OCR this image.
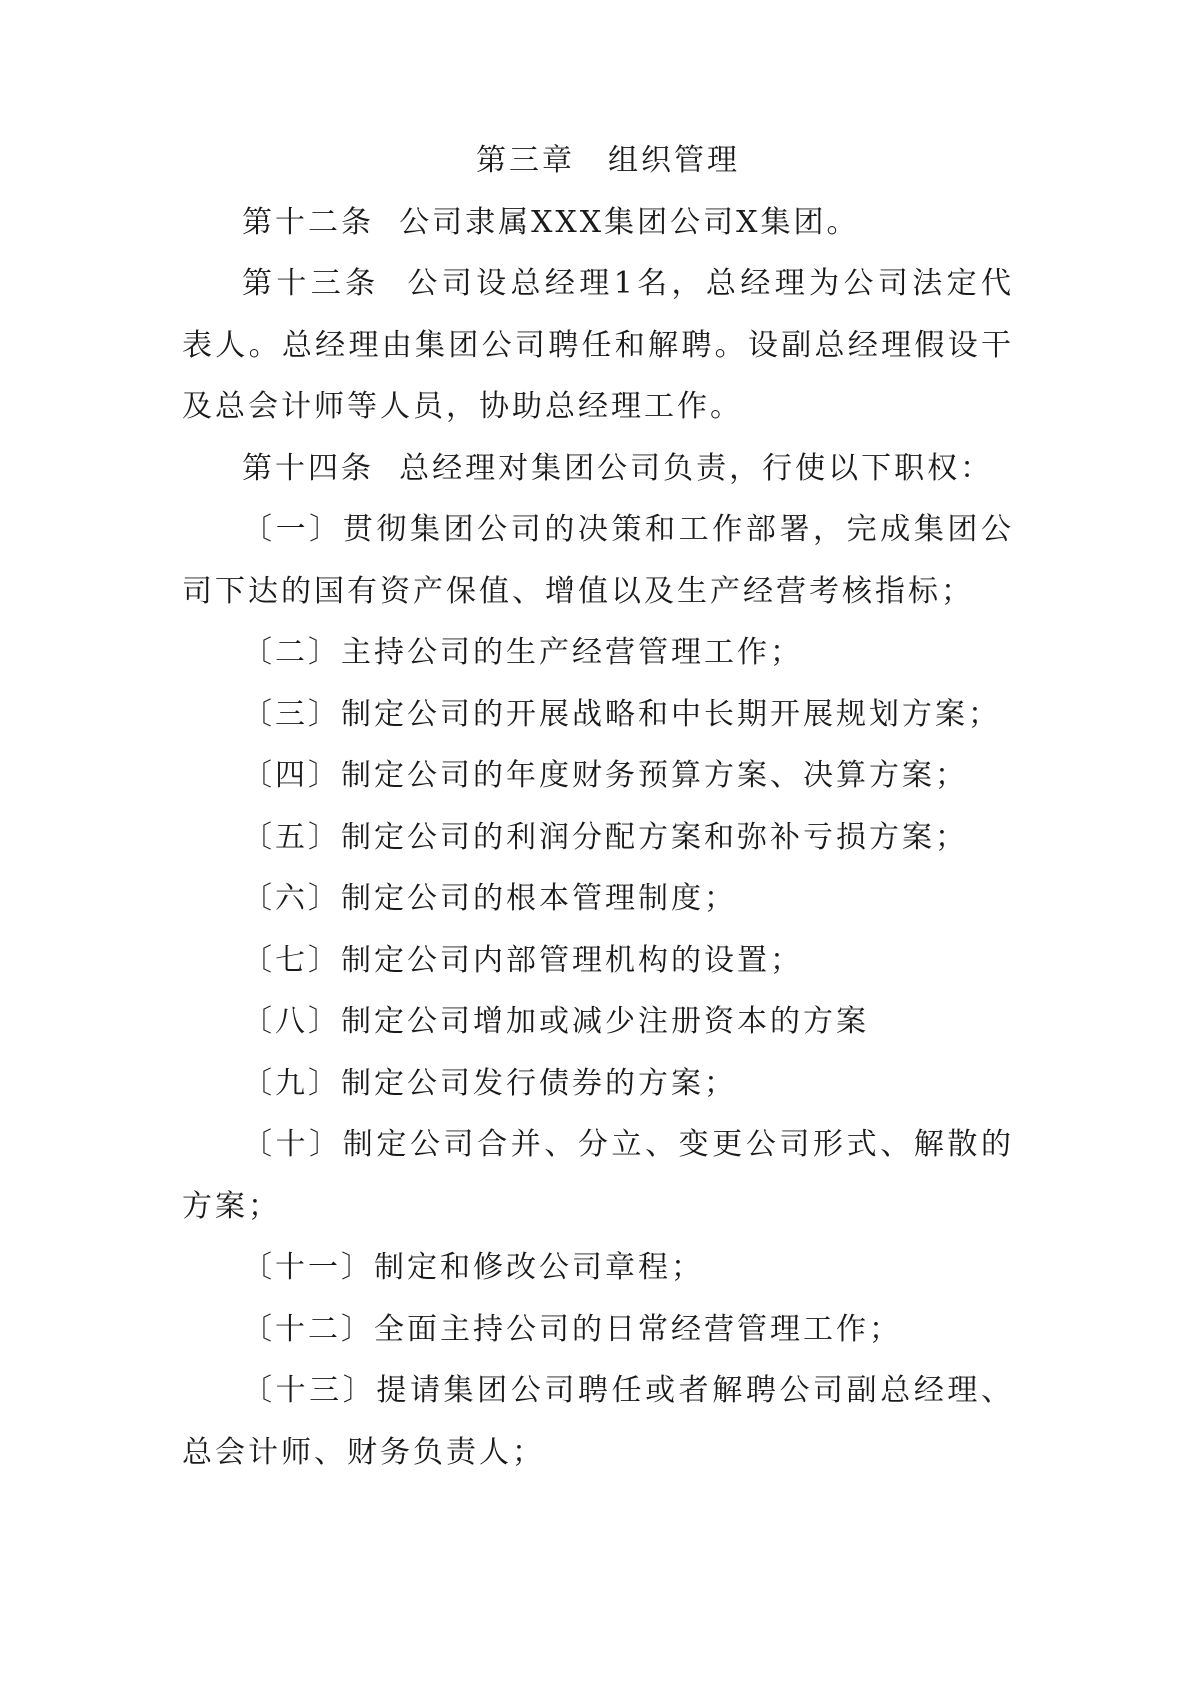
第三章　组织管理

第十二条 公司隶属XXX集团公司X集团。

第十三条 公司设总经理1名，总经理为公司法定代表人。总经理由集团公司聘任和解聘。设副总经理假设干及总会计师等人员，协助总经理工作。

第十四条 总经理对集团公司负责，行使以下职权：

〔一〕贯彻集团公司的决策和工作部署，完成集团公司下达的国有资产保值、增值以及生产经营考核指标；

〔二〕主持公司的生产经营管理工作；

〔三〕制定公司的开展战略和中长期开展规划方案；

〔四〕制定公司的年度财务预算方案、决算方案；

〔五〕制定公司的利润分配方案和弥补亏损方案；

〔六〕制定公司的根本管理制度；

〔七〕制定公司内部管理机构的设置；

〔八〕制定公司增加或减少注册资本的方案

〔九〕制定公司发行债券的方案；

〔十〕制定公司合并、分立、变更公司形式、解散的方案；

〔十一〕制定和修改公司章程；

〔十二〕全面主持公司的日常经营管理工作；

〔十三〕提请集团公司聘任或者解聘公司副总经理、总会计师、财务负责人；
